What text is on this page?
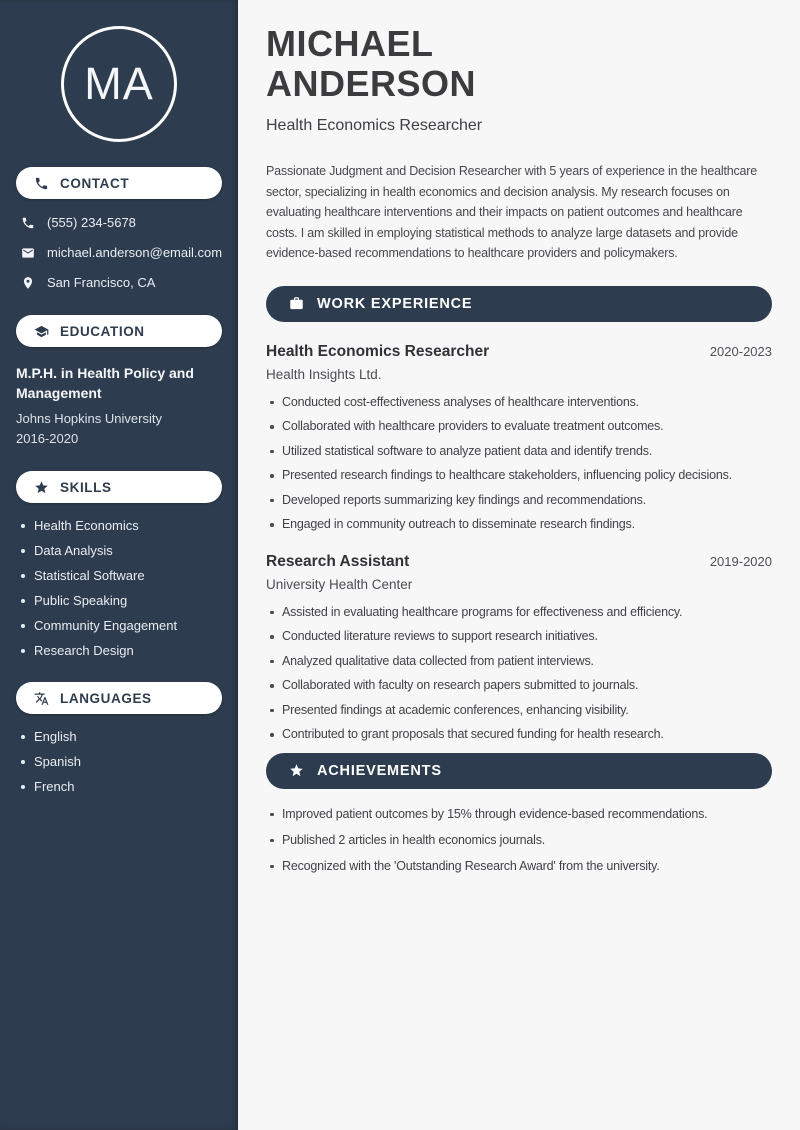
MA
CONTACT
(555) 234-5678
michael.anderson@email.com
San Francisco, CA
EDUCATION
M.P.H. in Health Policy and Management
Johns Hopkins University
2016-2020
SKILLS
Health Economics
Data Analysis
Statistical Software
Public Speaking
Community Engagement
Research Design
LANGUAGES
English
Spanish
French
MICHAEL
ANDERSON
Health Economics Researcher

Passionate Judgment and Decision Researcher with 5 years of experience in the healthcare sector, specializing in health economics and decision analysis. My research focuses on evaluating healthcare interventions and their impacts on patient outcomes and healthcare costs. I am skilled in employing statistical methods to analyze large datasets and provide evidence-based recommendations to healthcare providers and policymakers.

WORK EXPERIENCE
Health Economics Researcher	2020-2023
Health Insights Ltd.
Conducted cost-effectiveness analyses of healthcare interventions.
Collaborated with healthcare providers to evaluate treatment outcomes.
Utilized statistical software to analyze patient data and identify trends.
Presented research findings to healthcare stakeholders, influencing policy decisions.
Developed reports summarizing key findings and recommendations.
Engaged in community outreach to disseminate research findings.
Research Assistant	2019-2020
University Health Center
Assisted in evaluating healthcare programs for effectiveness and efficiency.
Conducted literature reviews to support research initiatives.
Analyzed qualitative data collected from patient interviews.
Collaborated with faculty on research papers submitted to journals.
Presented findings at academic conferences, enhancing visibility.
Contributed to grant proposals that secured funding for health research.
ACHIEVEMENTS
Improved patient outcomes by 15% through evidence-based recommendations.
Published 2 articles in health economics journals.
Recognized with the 'Outstanding Research Award' from the university.
